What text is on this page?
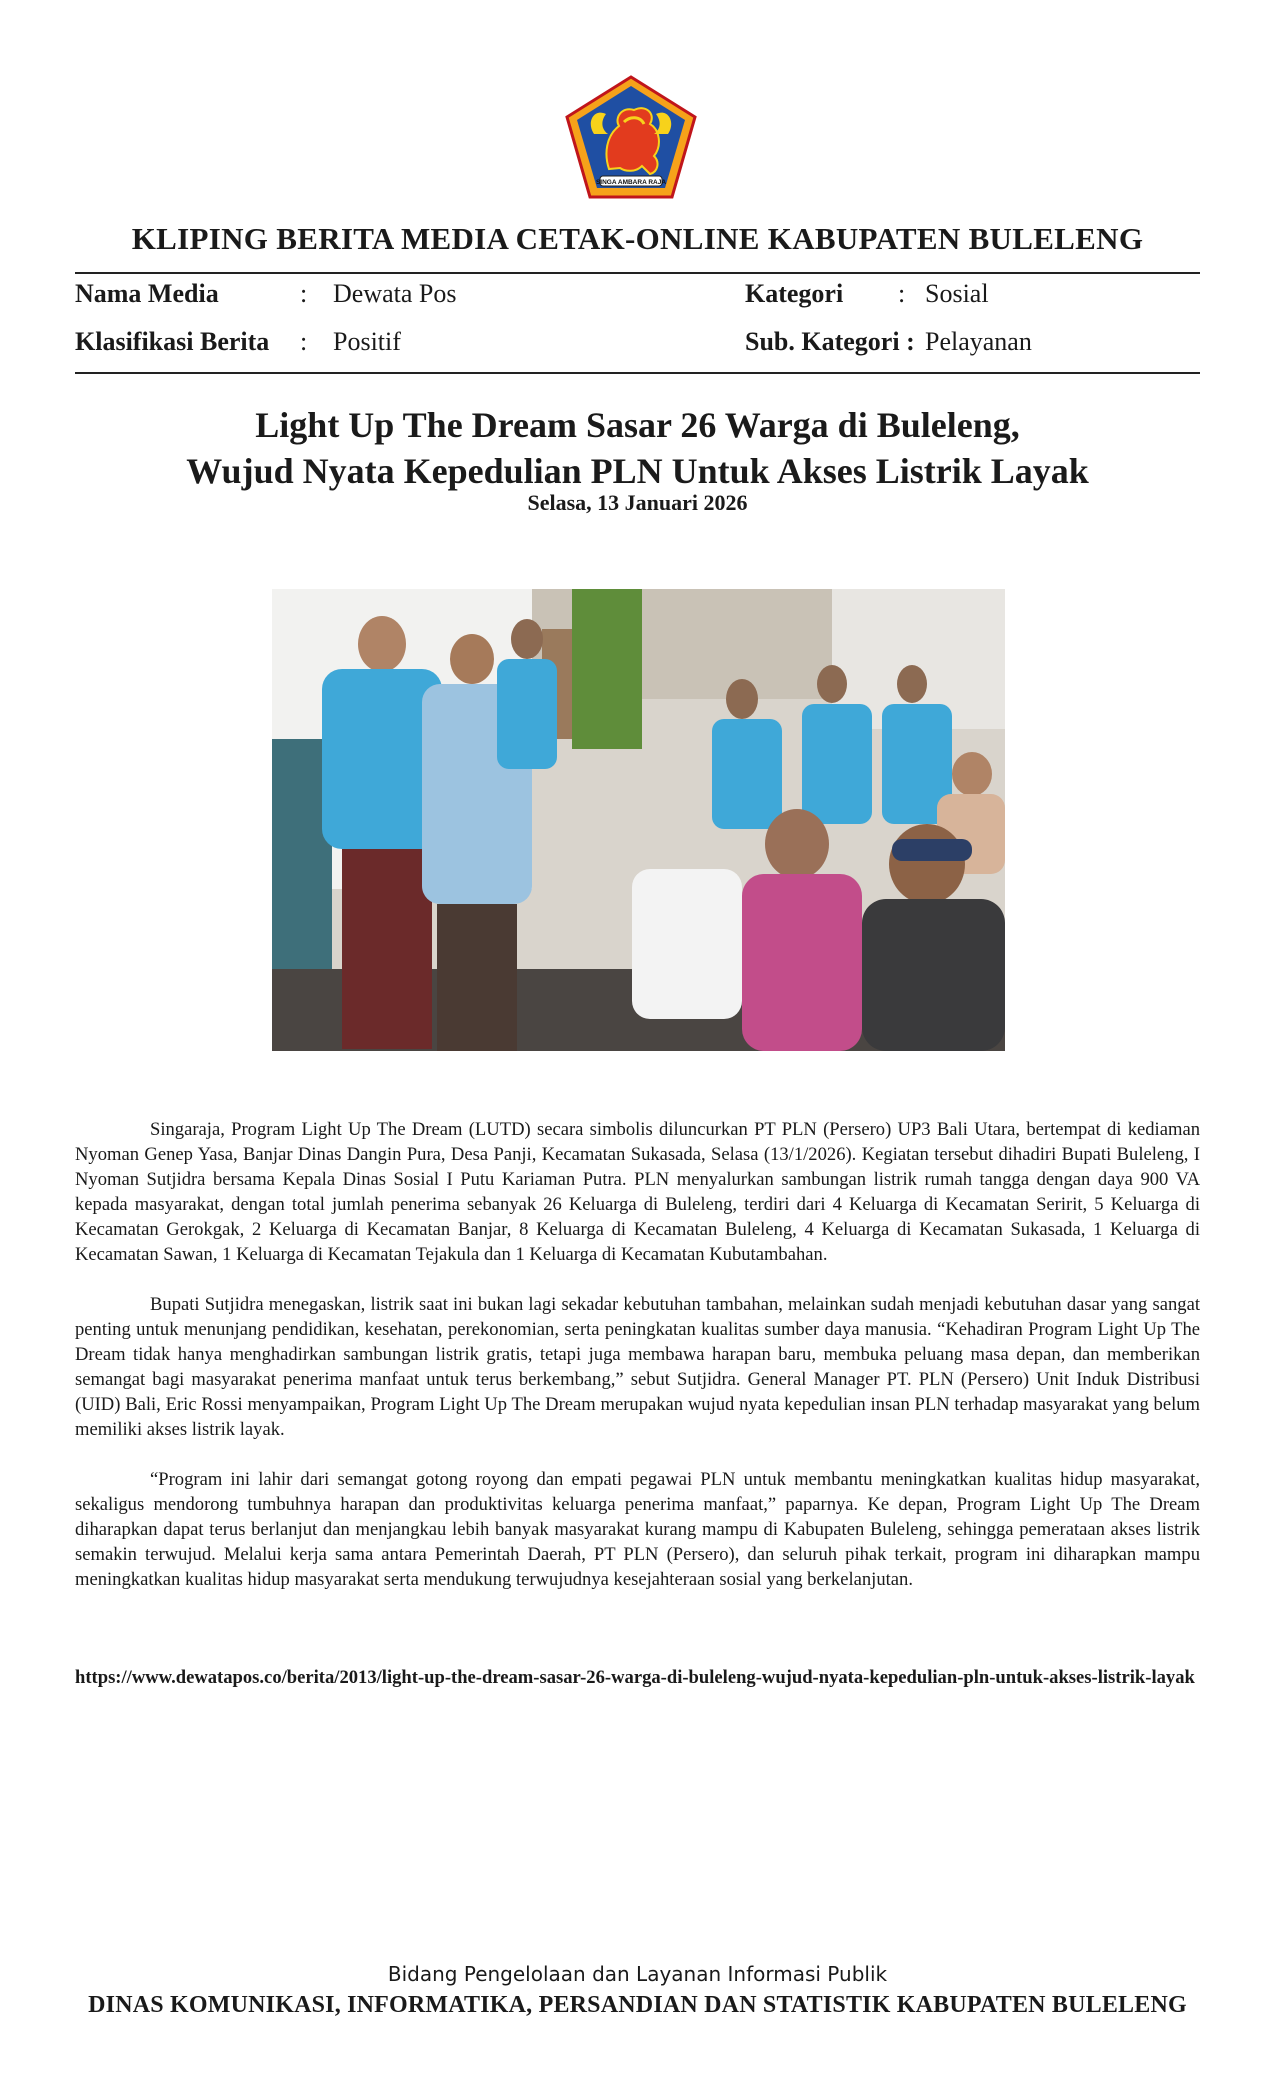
SINGA AMBARA RAJA
KLIPING BERITA MEDIA CETAK-ONLINE KABUPATEN BULELENG
Nama Media	: Dewata Pos
Klasifikasi Berita : Positif
Kategori : Sosial
Sub. Kategori : Pelayanan
Light Up The Dream Sasar 26 Warga di Buleleng,
Wujud Nyata Kepedulian PLN Untuk Akses Listrik Layak
Selasa, 13 Januari 2026

Singaraja, Program Light Up The Dream (LUTD) secara simbolis diluncurkan PT PLN (Persero) UP3 Bali Utara, bertempat di kediaman Nyoman Genep Yasa, Banjar Dinas Dangin Pura, Desa Panji, Kecamatan Sukasada, Selasa (13/1/2026). Kegiatan tersebut dihadiri Bupati Buleleng, I Nyoman Sutjidra bersama Kepala Dinas Sosial I Putu Kariaman Putra. PLN menyalurkan sambungan listrik rumah tangga dengan daya 900 VA kepada masyarakat, dengan total jumlah penerima sebanyak 26 Keluarga di Buleleng, terdiri dari 4 Keluarga di Kecamatan Seririt, 5 Keluarga di Kecamatan Gerokgak, 2 Keluarga di Kecamatan Banjar, 8 Keluarga di Kecamatan Buleleng, 4 Keluarga di Kecamatan Sukasada, 1 Keluarga di Kecamatan Sawan, 1 Keluarga di Kecamatan Tejakula dan 1 Keluarga di Kecamatan Kubutambahan.

Bupati Sutjidra menegaskan, listrik saat ini bukan lagi sekadar kebutuhan tambahan, melainkan sudah menjadi kebutuhan dasar yang sangat penting untuk menunjang pendidikan, kesehatan, perekonomian, serta peningkatan kualitas sumber daya manusia. “Kehadiran Program Light Up The Dream tidak hanya menghadirkan sambungan listrik gratis, tetapi juga membawa harapan baru, membuka peluang masa depan, dan memberikan semangat bagi masyarakat penerima manfaat untuk terus berkembang,” sebut Sutjidra. General Manager PT. PLN (Persero) Unit Induk Distribusi (UID) Bali, Eric Rossi menyampaikan, Program Light Up The Dream merupakan wujud nyata kepedulian insan PLN terhadap masyarakat yang belum memiliki akses listrik layak.

“Program ini lahir dari semangat gotong royong dan empati pegawai PLN untuk membantu meningkatkan kualitas hidup masyarakat, sekaligus mendorong tumbuhnya harapan dan produktivitas keluarga penerima manfaat,” paparnya. Ke depan, Program Light Up The Dream diharapkan dapat terus berlanjut dan menjangkau lebih banyak masyarakat kurang mampu di Kabupaten Buleleng, sehingga pemerataan akses listrik semakin terwujud. Melalui kerja sama antara Pemerintah Daerah, PT PLN (Persero), dan seluruh pihak terkait, program ini diharapkan mampu meningkatkan kualitas hidup masyarakat serta mendukung terwujudnya kesejahteraan sosial yang berkelanjutan.

https://www.dewatapos.co/berita/2013/light-up-the-dream-sasar-26-warga-di-buleleng-wujud-nyata-kepedulian-pln-untuk-akses-listrik-layak
Bidang Pengelolaan dan Layanan Informasi Publik
DINAS KOMUNIKASI, INFORMATIKA, PERSANDIAN DAN STATISTIK KABUPATEN BULELENG
